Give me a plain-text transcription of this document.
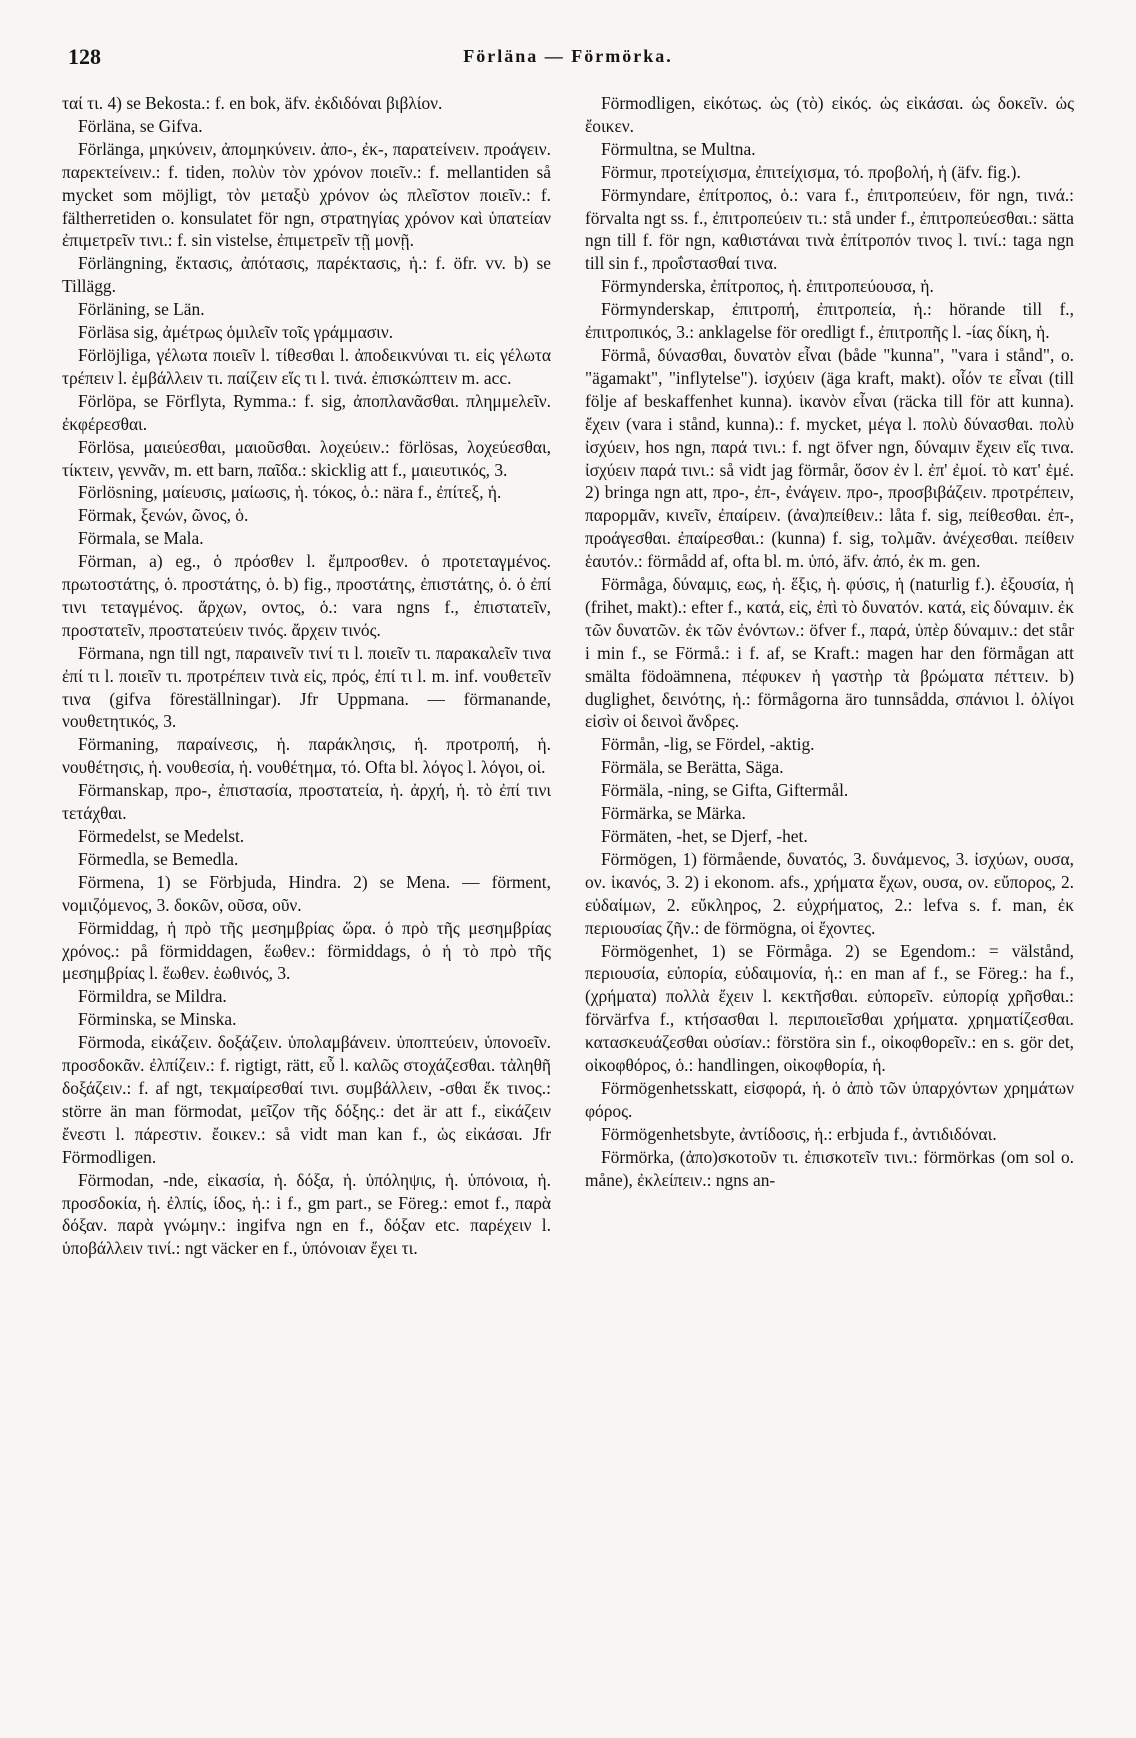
128	Förläna — Förmörka.

ταί τι. 4) se Bekosta.: f. en bok, äfv. ἐκδιδόναι βιβλίον.

Förläna, se Gifva.

Förlänga, μηκύνειν, ἀπομηκύνειν. ἀπο-, ἐκ-, παρατείνειν. προάγειν. παρεκτείνειν.: f. tiden, πολὺν τὸν χρόνον ποιεῖν.: f. mellantiden så mycket som möjligt, τὸν μεταξὺ χρόνον ὡς πλεῖστον ποιεῖν.: f. fältherretiden o. konsulatet för ngn, στρατηγίας χρόνον καὶ ὑπατείαν ἐπιμετρεῖν τινι.: f. sin vistelse, ἐπιμετρεῖν τῇ μονῇ.

Förlängning, ἔκτασις, ἀπότασις, παρέκτασις, ἡ.: f. öfr. vv. b) se Tillägg.

Förläning, se Län.

Förläsa sig, ἀμέτρως ὁμιλεῖν τοῖς γράμμασιν.

Förlöjliga, γέλωτα ποιεῖν l. τίθεσθαι l. ἀποδεικνύναι τι. εἰς γέλωτα τρέπειν l. ἐμβάλλειν τι. παίζειν εἴς τι l. τινά. ἐπισκώπτειν m. acc.

Förlöpa, se Förflyta, Rymma.: f. sig, ἀποπλανᾶσθαι. πλημμελεῖν. ἐκφέρεσθαι.

Förlösa, μαιεύεσθαι, μαιοῦσθαι. λοχεύειν.: förlösas, λοχεύεσθαι, τίκτειν, γεννᾶν, m. ett barn, παῖδα.: skicklig att f., μαιευτικός, 3.

Förlösning, μαίευσις, μαίωσις, ἡ. τόκος, ὁ.: nära f., ἐπίτεξ, ἡ.

Förmak, ξενών, ῶνος, ὁ.

Förmala, se Mala.

Förman, a) eg., ὁ πρόσθεν l. ἔμπροσθεν. ὁ προτεταγμένος. πρωτοστάτης, ὁ. προστάτης, ὁ. b) fig., προστάτης, ἐπιστάτης, ὁ. ὁ ἐπί τινι τεταγμένος. ἄρχων, οντος, ὁ.: vara ngns f., ἐπιστατεῖν, προστατεῖν, προστατεύειν τινός. ἄρχειν τινός.

Förmana, ngn till ngt, παραινεῖν τινί τι l. ποιεῖν τι. παρακαλεῖν τινα ἐπί τι l. ποιεῖν τι. προτρέπειν τινὰ εἰς, πρός, ἐπί τι l. m. inf. νουθετεῖν τινα (gifva föreställningar). Jfr Uppmana. — förmanande, νουθετητικός, 3.

Förmaning, παραίνεσις, ἡ. παράκλησις, ἡ. προτροπή, ἡ. νουθέτησις, ἡ. νουθεσία, ἡ. νουθέτημα, τό. Ofta bl. λόγος l. λόγοι, οἱ.

Förmanskap, προ-, ἐπιστασία, προστατεία, ἡ. ἀρχή, ἡ. τὸ ἐπί τινι τετάχθαι.

Förmedelst, se Medelst.

Förmedla, se Bemedla.

Förmena, 1) se Förbjuda, Hindra. 2) se Mena. — förment, νομιζόμενος, 3. δοκῶν, οῦσα, οῦν.

Förmiddag, ἡ πρὸ τῆς μεσημβρίας ὥρα. ὁ πρὸ τῆς μεσημβρίας χρόνος.: på förmiddagen, ἕωθεν.: förmiddags, ὁ ἡ τὸ πρὸ τῆς μεσημβρίας l. ἕωθεν. ἑωθινός, 3.

Förmildra, se Mildra.

Förminska, se Minska.

Förmoda, εἰκάζειν. δοξάζειν. ὑπολαμβάνειν. ὑποπτεύειν, ὑπονοεῖν. προσδοκᾶν. ἐλπίζειν.: f. rigtigt, rätt, εὖ l. καλῶς στοχάζεσθαι. τἀληθῆ δοξάζειν.: f. af ngt, τεκμαίρεσθαί τινι. συμβάλλειν, -σθαι ἔκ τινος.: större än man förmodat, μεῖζον τῆς δόξης.: det är att f., εἰκάζειν ἔνεστι l. πάρεστιν. ἔοικεν.: så vidt man kan f., ὡς εἰκάσαι. Jfr Förmodligen.

Förmodan, -nde, εἰκασία, ἡ. δόξα, ἡ. ὑπόληψις, ἡ. ὑπόνοια, ἡ. προσδοκία, ἡ. ἐλπίς, ίδος, ἡ.: i f., gm part., se Föreg.: emot f., παρὰ δόξαν. παρὰ γνώμην.: ingifva ngn en f., δόξαν etc. παρέχειν l. ὑποβάλλειν τινί.: ngt väcker en f., ὑπόνοιαν ἔχει τι.

Förmodligen, εἰκότως. ὡς (τὸ) εἰκός. ὡς εἰκάσαι. ὡς δοκεῖν. ὡς ἔοικεν.

Förmultna, se Multna.

Förmur, προτείχισμα, ἐπιτείχισμα, τό. προβολή, ἡ (äfv. fig.).

Förmyndare, ἐπίτροπος, ὁ.: vara f., ἐπιτροπεύειν, för ngn, τινά.: förvalta ngt ss. f., ἐπιτροπεύειν τι.: stå under f., ἐπιτροπεύεσθαι.: sätta ngn till f. för ngn, καθιστάναι τινὰ ἐπίτροπόν τινος l. τινί.: taga ngn till sin f., προΐστασθαί τινα.

Förmynderska, ἐπίτροπος, ἡ. ἐπιτροπεύουσα, ἡ.

Förmynderskap, ἐπιτροπή, ἐπιτροπεία, ἡ.: hörande till f., ἐπιτροπικός, 3.: anklagelse för oredligt f., ἐπιτροπῆς l. -ίας δίκη, ἡ.

Förmå, δύνασθαι, δυνατὸν εἶναι (både "kunna", "vara i stånd", o. "ägamakt", "inflytelse"). ἰσχύειν (äga kraft, makt). οἷόν τε εἶναι (till följe af beskaffenhet kunna). ἱκανὸν εἶναι (räcka till för att kunna). ἔχειν (vara i stånd, kunna).: f. mycket, μέγα l. πολὺ δύνασθαι. πολὺ ἰσχύειν, hos ngn, παρά τινι.: f. ngt öfver ngn, δύναμιν ἔχειν εἴς τινα. ἰσχύειν παρά τινι.: så vidt jag förmår, ὅσον ἐν l. ἐπ' ἐμοί. τὸ κατ' ἐμέ. 2) bringa ngn att, προ-, ἐπ-, ἐνάγειν. προ-, προσβιβάζειν. προτρέπειν, παρορμᾶν, κινεῖν, ἐπαίρειν. (ἀνα)πείθειν.: låta f. sig, πείθεσθαι. ἐπ-, προάγεσθαι. ἐπαίρεσθαι.: (kunna) f. sig, τολμᾶν. ἀνέχεσθαι. πείθειν ἑαυτόν.: förmådd af, ofta bl. m. ὑπό, äfv. ἀπό, ἐκ m. gen.

Förmåga, δύναμις, εως, ἡ. ἕξις, ἡ. φύσις, ἡ (naturlig f.). ἐξουσία, ἡ (frihet, makt).: efter f., κατά, εἰς, ἐπὶ τὸ δυνατόν. κατά, εἰς δύναμιν. ἐκ τῶν δυνατῶν. ἐκ τῶν ἐνόντων.: öfver f., παρά, ὑπὲρ δύναμιν.: det står i min f., se Förmå.: i f. af, se Kraft.: magen har den förmågan att smälta födoämnena, πέφυκεν ἡ γαστὴρ τὰ βρώματα πέττειν. b) duglighet, δεινότης, ἡ.: förmågorna äro tunnsådda, σπάνιοι l. ὀλίγοι εἰσὶν οἱ δεινοὶ ἄνδρες.

Förmån, -lig, se Fördel, -aktig.

Förmäla, se Berätta, Säga.

Förmäla, -ning, se Gifta, Giftermål.

Förmärka, se Märka.

Förmäten, -het, se Djerf, -het.

Förmögen, 1) förmående, δυνατός, 3. δυνάμενος, 3. ἰσχύων, ουσα, ον. ἱκανός, 3. 2) i ekonom. afs., χρήματα ἔχων, ουσα, ον. εὔπορος, 2. εὐδαίμων, 2. εὔκληρος, 2. εὐχρήματος, 2.: lefva s. f. man, ἐκ περιουσίας ζῆν.: de förmögna, οἱ ἔχοντες.

Förmögenhet, 1) se Förmåga. 2) se Egendom.: = välstånd, περιουσία, εὐπορία, εὐδαιμονία, ἡ.: en man af f., se Föreg.: ha f., (χρήματα) πολλὰ ἔχειν l. κεκτῆσθαι. εὐπορεῖν. εὐπορίᾳ χρῆσθαι.: förvärfva f., κτήσασθαι l. περιποιεῖσθαι χρήματα. χρηματίζεσθαι. κατασκευάζεσθαι οὐσίαν.: förstöra sin f., οἰκοφθορεῖν.: en s. gör det, οἰκοφθόρος, ὁ.: handlingen, οἰκοφθορία, ἡ.

Förmögenhetsskatt, εἰσφορά, ἡ. ὁ ἀπὸ τῶν ὑπαρχόντων χρημάτων φόρος.

Förmögenhetsbyte, ἀντίδοσις, ἡ.: erbjuda f., ἀντιδιδόναι.

Förmörka, (ἀπο)σκοτοῦν τι. ἐπισκοτεῖν τινι.: förmörkas (om sol o. måne), ἐκλείπειν.: ngns an-
